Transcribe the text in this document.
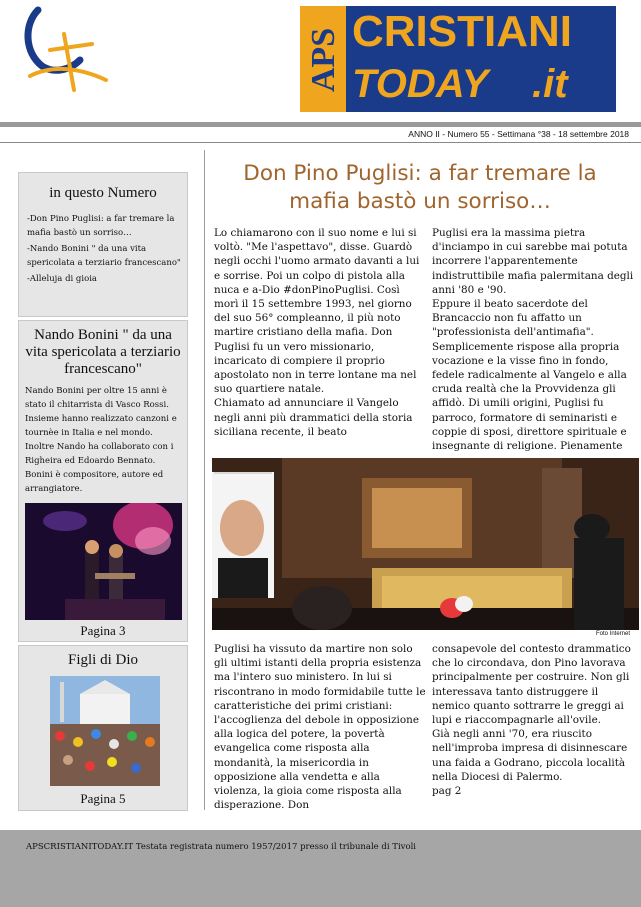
APS CRISTIANI
TODAY .it
ANNO II - Numero 55 - Settimana °38 - 18 settembre 2018
in questo Numero
-Don Pino Puglisi: a far tremare la mafia bastò un sorriso…
-Nando Bonini " da una vita spericolata a terziario francescano"
-Alleluja di gioia
Nando Bonini " da una vita spericolata a terziario francescano"
Nando Bonini per oltre 15 anni è stato il chitarrista di Vasco Rossi. Insieme hanno realizzato canzoni e tournèe in Italia e nel mondo. Inoltre Nando ha collaborato con i Righeira ed Edoardo Bennato. Bonini è compositore, autore ed arrangiatore.
Pagina 3
Figli di Dio
Pagina 5
Don Pino Puglisi: a far tremare la mafia bastò un sorriso…
Lo chiamarono con il suo nome e lui si voltò. "Me l'aspettavo", disse. Guardò negli occhi l'uomo armato davanti a lui e sorrise. Poi un colpo di pistola alla nuca e a-Dio #donPinoPuglisi. Così morì il 15 settembre 1993, nel giorno del suo 56° compleanno, il più noto martire cristiano della mafia. Don Puglisi fu un vero missionario, incaricato di compiere il proprio apostolato non in terre lontane ma nel suo quartiere natale.
Chiamato ad annunciare il Vangelo negli anni più drammatici della storia siciliana recente, il beato
Puglisi era la massima pietra d'inciampo in cui sarebbe mai potuta incorrere l'apparentemente indistruttibile mafia palermitana degli anni '80 e '90.
Eppure il beato sacerdote del Brancaccio non fu affatto un "professionista dell'antimafia". Semplicemente rispose alla propria vocazione e la visse fino in fondo, fedele radicalmente al Vangelo e alla cruda realtà che la Provvidenza gli affidò. Di umili origini, Puglisi fu parroco, formatore di seminaristi e coppie di sposi, direttore spirituale e insegnante di religione. Pienamente
Foto Internet
Puglisi ha vissuto da martire non solo gli ultimi istanti della propria esistenza ma l'intero suo ministero. In lui si riscontrano in modo formidabile tutte le caratteristiche dei primi cristiani: l'accoglienza del debole in opposizione alla logica del potere, la povertà evangelica come risposta alla mondanità, la misericordia in opposizione alla vendetta e alla violenza, la gioia come risposta alla disperazione. Don
consapevole del contesto drammatico che lo circondava, don Pino lavorava principalmente per costruire. Non gli interessava tanto distruggere il nemico quanto sottrarre le greggi ai lupi e riaccompagnarle all'ovile.
Già negli anni '70, era riuscito nell'improba impresa di disinnescare una faida a Godrano, piccola località nella Diocesi di Palermo.
pag 2
APSCRISTIANITODAY.IT Testata registrata numero 1957/2017 presso il tribunale di Tivoli
